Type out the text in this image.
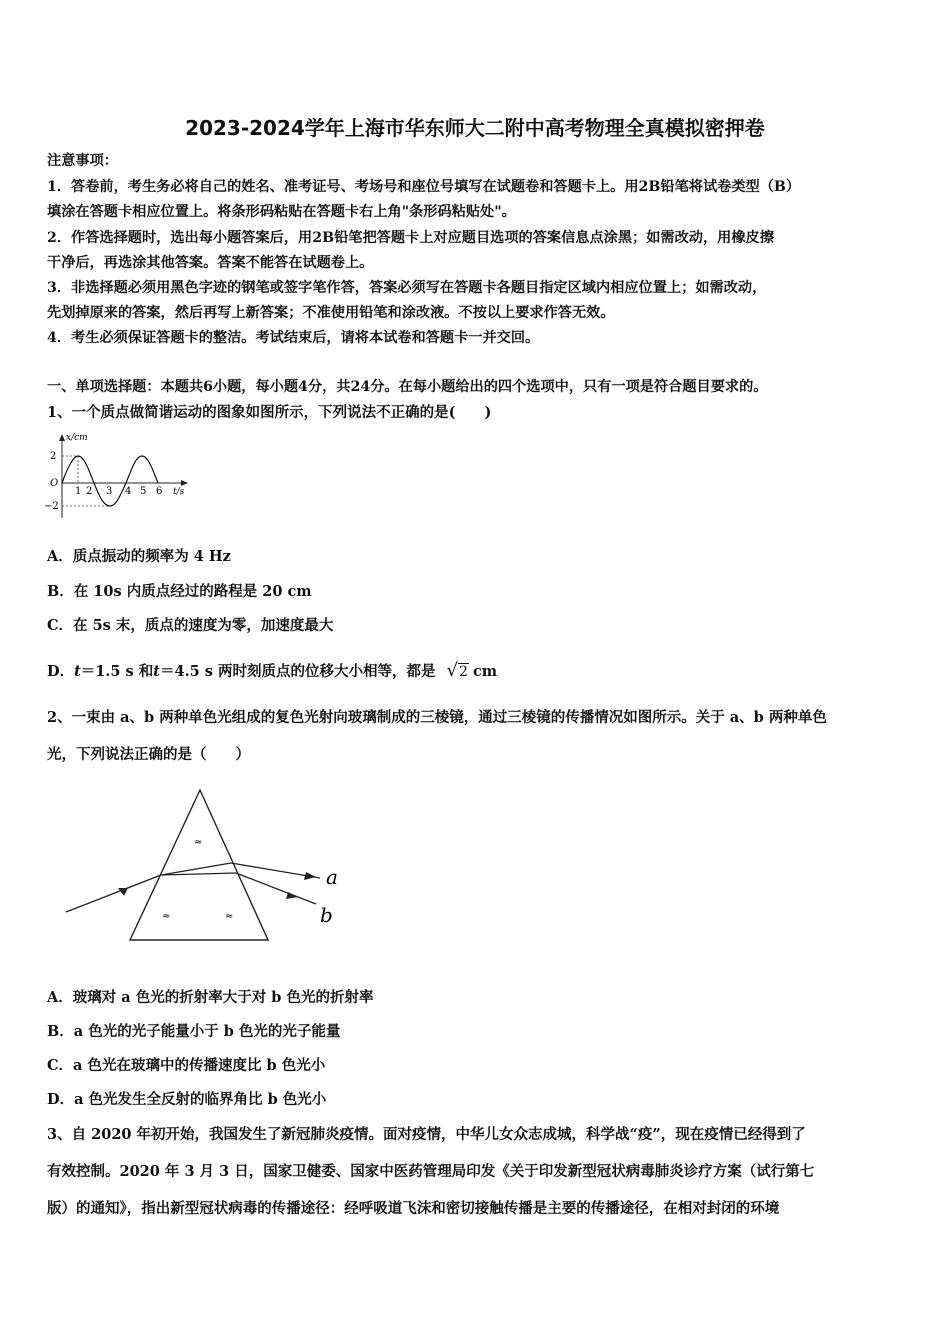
2023-2024学年上海市华东师大二附中高考物理全真模拟密押卷
注意事项：
1．答卷前，考生务必将自己的姓名、准考证号、考场号和座位号填写在试题卷和答题卡上。用2B铅笔将试卷类型（B）
填涂在答题卡相应位置上。将条形码粘贴在答题卡右上角"条形码粘贴处"。
2．作答选择题时，选出每小题答案后，用2B铅笔把答题卡上对应题目选项的答案信息点涂黑；如需改动，用橡皮擦
干净后，再选涂其他答案。答案不能答在试题卷上。
3．非选择题必须用黑色字迹的钢笔或签字笔作答，答案必须写在答题卡各题目指定区域内相应位置上；如需改动，
先划掉原来的答案，然后再写上新答案；不准使用铅笔和涂改液。不按以上要求作答无效。
4．考生必须保证答题卡的整洁。考试结束后，请将本试卷和答题卡一并交回。
一、单项选择题：本题共6小题，每小题4分，共24分。在每小题给出的四个选项中，只有一项是符合题目要求的。
1、一个质点做简谐运动的图象如图所示，下列说法不正确的是(　　)
x/cm
2
O
−2
1 2 3 4 5 6 t/s
A．质点振动的频率为 4 Hz
B．在 10s 内质点经过的路程是 20 cm
C．在 5s 末，质点的速度为零，加速度最大
D．t＝1.5 s 和t＝4.5 s 两时刻质点的位移大小相等，都是 √2 cm
2、一束由 a、b 两种单色光组成的复色光射向玻璃制成的三棱镜，通过三棱镜的传播情况如图所示。关于 a、b 两种单色
光，下列说法正确的是（　　）
≈
≈	≈
a
b
A．玻璃对 a 色光的折射率大于对 b 色光的折射率
B．a 色光的光子能量小于 b 色光的光子能量
C．a 色光在玻璃中的传播速度比 b 色光小
D．a 色光发生全反射的临界角比 b 色光小
3、自 2020 年初开始，我国发生了新冠肺炎疫情。面对疫情，中华儿女众志成城，科学战“疫”，现在疫情已经得到了
有效控制。2020 年 3 月 3 日，国家卫健委、国家中医药管理局印发《关于印发新型冠状病毒肺炎诊疗方案（试行第七
版）的通知》，指出新型冠状病毒的传播途径：经呼吸道飞沫和密切接触传播是主要的传播途径，在相对封闭的环境
